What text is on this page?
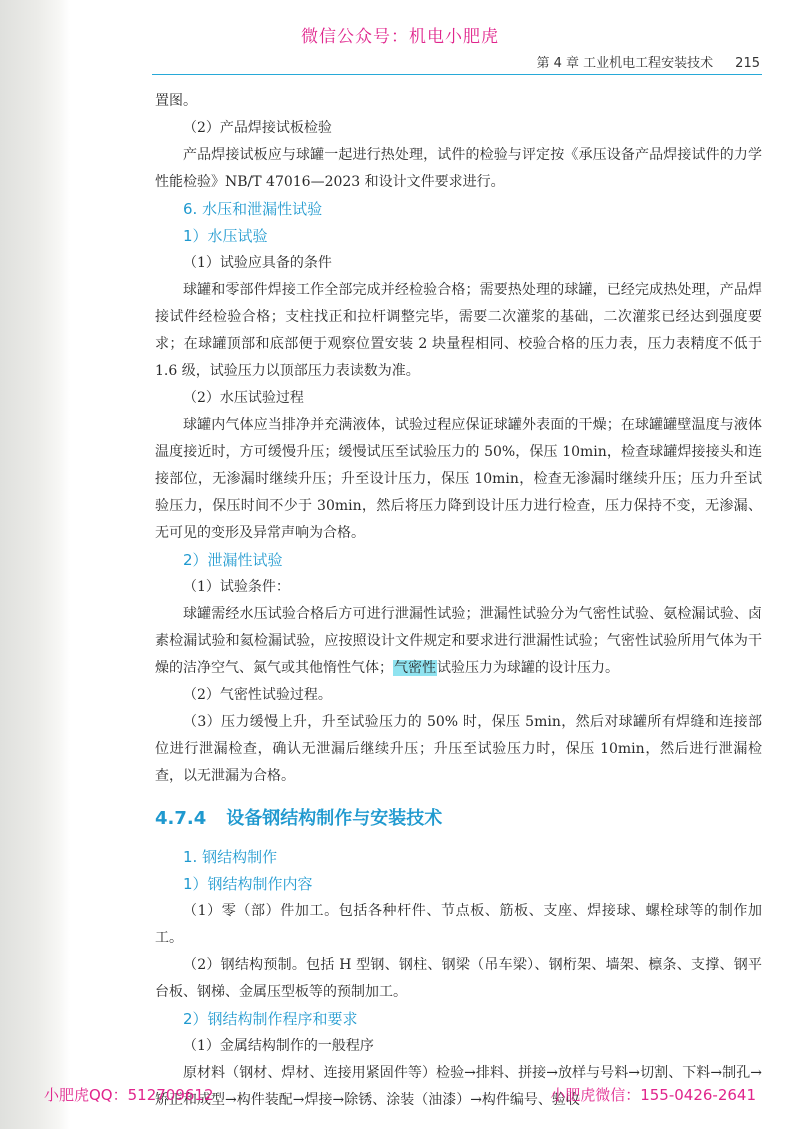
微信公众号：机电小肥虎
第 4 章 工业机电工程安装技术 215

置图。

（2）产品焊接试板检验

产品焊接试板应与球罐一起进行热处理，试件的检验与评定按《承压设备产品焊接试件的力学性能检验》NB/T 47016—2023 和设计文件要求进行。

6. 水压和泄漏性试验
1）水压试验

（1）试验应具备的条件

球罐和零部件焊接工作全部完成并经检验合格；需要热处理的球罐，已经完成热处理，产品焊接试件经检验合格；支柱找正和拉杆调整完毕，需要二次灌浆的基础，二次灌浆已经达到强度要求；在球罐顶部和底部便于观察位置安装 2 块量程相同、校验合格的压力表，压力表精度不低于 1.6 级，试验压力以顶部压力表读数为准。

（2）水压试验过程

球罐内气体应当排净并充满液体，试验过程应保证球罐外表面的干燥；在球罐罐壁温度与液体温度接近时，方可缓慢升压；缓慢试压至试验压力的 50%，保压 10min，检查球罐焊接接头和连接部位，无渗漏时继续升压；升至设计压力，保压 10min，检查无渗漏时继续升压；压力升至试验压力，保压时间不少于 30min，然后将压力降到设计压力进行检查，压力保持不变，无渗漏、无可见的变形及异常声响为合格。

2）泄漏性试验

（1）试验条件：

球罐需经水压试验合格后方可进行泄漏性试验；泄漏性试验分为气密性试验、氨检漏试验、卤素检漏试验和氦检漏试验，应按照设计文件规定和要求进行泄漏性试验；气密性试验所用气体为干燥的洁净空气、氮气或其他惰性气体；气密性试验压力为球罐的设计压力。

（2）气密性试验过程。

（3）压力缓慢上升，升至试验压力的 50% 时，保压 5min，然后对球罐所有焊缝和连接部位进行泄漏检查，确认无泄漏后继续升压；升压至试验压力时，保压 10min，然后进行泄漏检查，以无泄漏为合格。

4.7.4 设备钢结构制作与安装技术
1. 钢结构制作
1）钢结构制作内容

（1）零（部）件加工。包括各种杆件、节点板、筋板、支座、焊接球、螺栓球等的制作加工。

（2）钢结构预制。包括 H 型钢、钢柱、钢梁（吊车梁）、钢桁架、墙架、檩条、支撑、钢平台板、钢梯、金属压型板等的预制加工。

2）钢结构制作程序和要求

（1）金属结构制作的一般程序

原材料（钢材、焊材、连接用紧固件等）检验→排料、拼接→放样与号料→切割、下料→制孔→矫正和成型→构件装配→焊接→除锈、涂装（油漆）→构件编号、验收

小肥虎QQ：512709612	小肥虎微信：155-0426-2641
